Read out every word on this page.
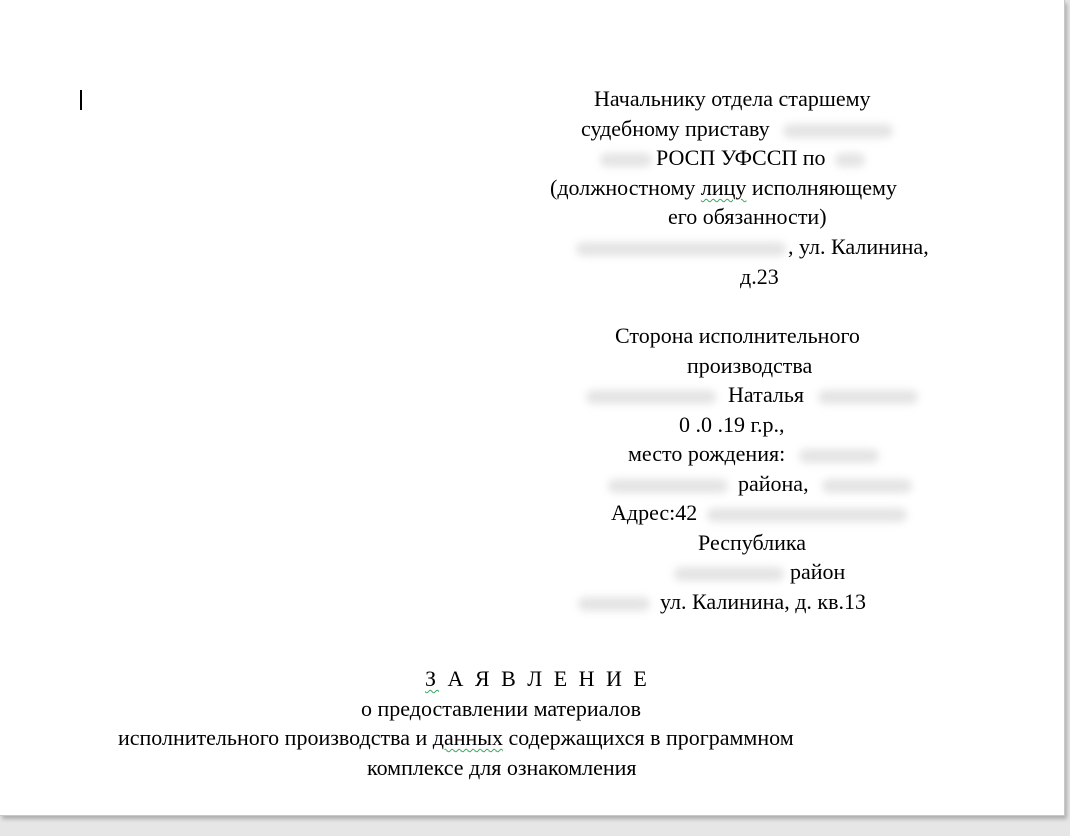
Начальнику отдела старшему
судебному приставу
РОСП УФССП по
(должностному лицу исполняющему
его обязанности)
, ул. Калинина,
д.23
Сторона исполнительного
производства
Наталья
0 .0 .19 г.р.,
место рождения:
района,
Адрес:42
Республика
район
ул. Калинина, д. кв.13
З А Я В Л Е Н И Е
о предоставлении материалов
исполнительного производства и данных содержащихся в программном
комплексе для ознакомления
